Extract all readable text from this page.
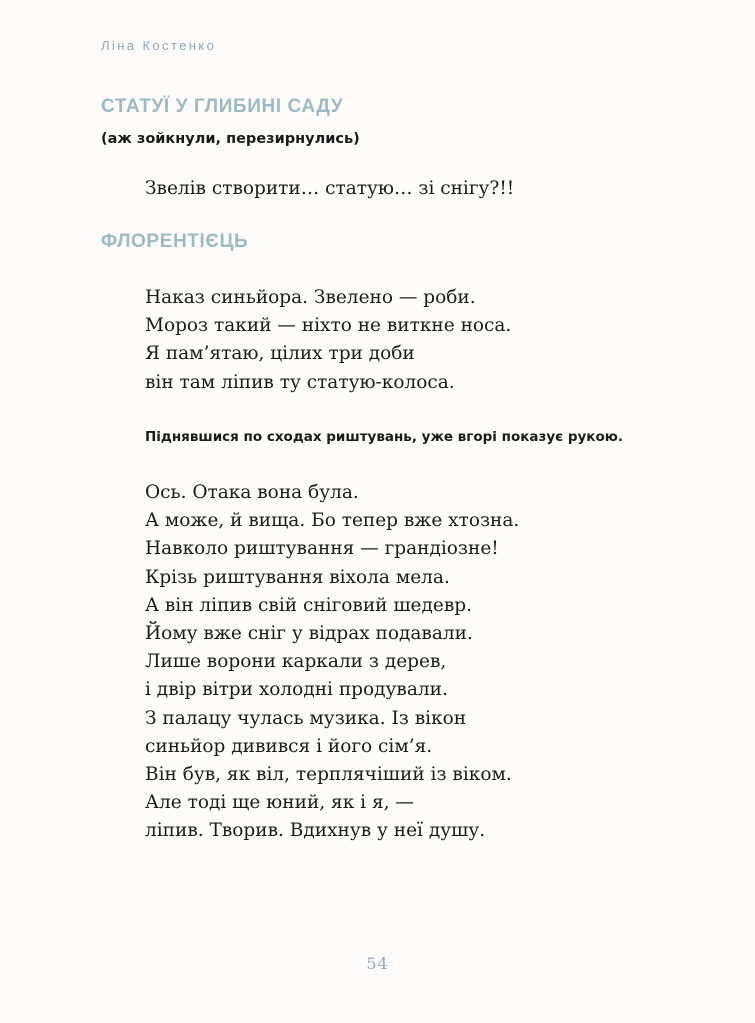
Ліна Костенко

СТАТУЇ У ГЛИБИНІ САДУ

(аж зойкнули, перезирнулись)

Звелів створити… статую… зі снігу?!!

ФЛОРЕНТІЄЦЬ

Наказ синьйора. Звелено — роби.
Мороз такий — ніхто не виткне носа.
Я пам’ятаю, цілих три доби
він там ліпив ту статую-колоса.

Піднявшися по сходах риштувань, уже вгорі показує рукою.

Ось. Отака вона була.
А може, й вища. Бо тепер вже хтозна.
Навколо риштування — грандіозне!
Крізь риштування віхола мела.
А він ліпив свій сніговий шедевр.
Йому вже сніг у відрах подавали.
Лише ворони каркали з дерев,
і двір вітри холодні продували.
З палацу чулась музика. Із вікон
синьйор дивився і його сім’я.
Він був, як віл, терплячіший із віком.
Але тоді ще юний, як і я, —
ліпив. Творив. Вдихнув у неї душу.

54
